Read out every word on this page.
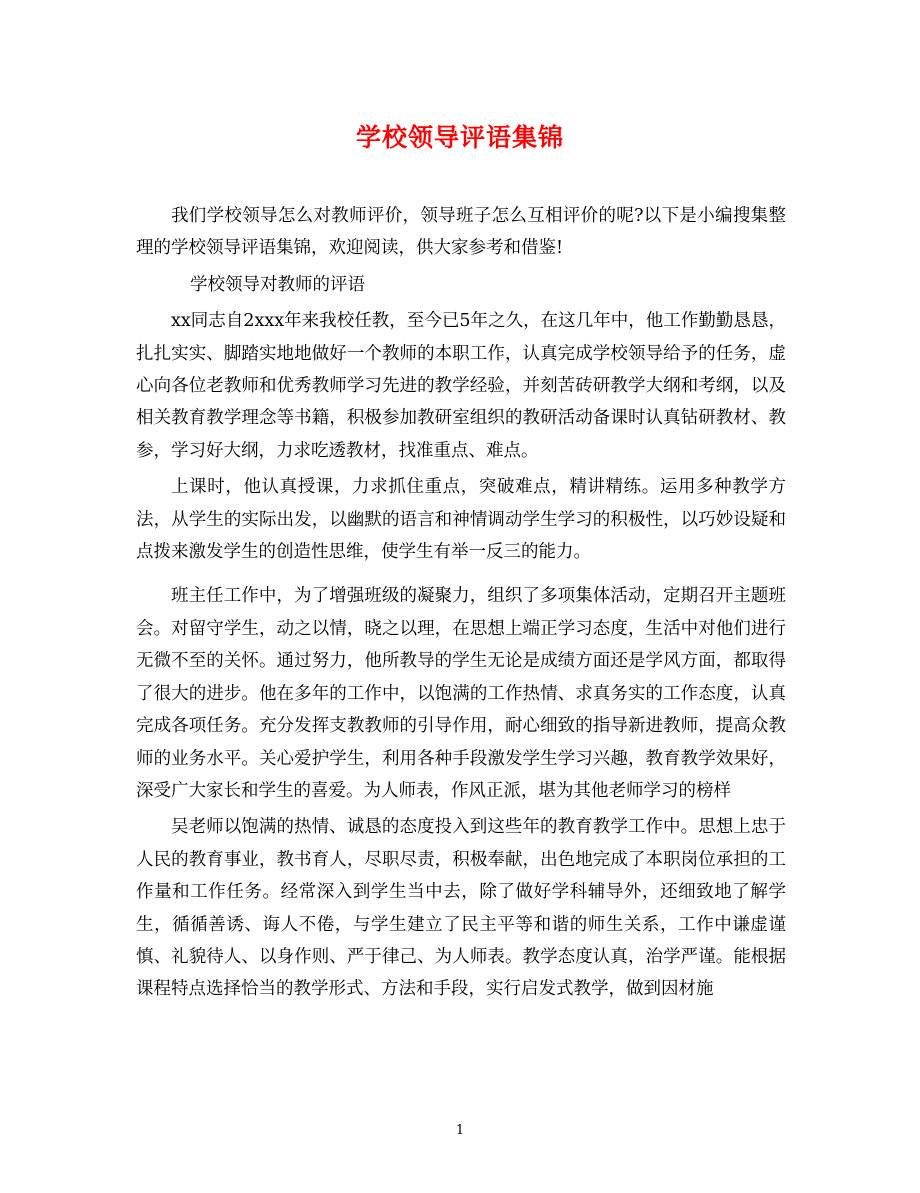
学校领导评语集锦

我们学校领导怎么对教师评价，领导班子怎么互相评价的呢?以下是小编搜集整理的学校领导评语集锦，欢迎阅读，供大家参考和借鉴!

学校领导对教师的评语

xx同志自2xxx年来我校任教，至今已5年之久，在这几年中，他工作勤勤恳恳，扎扎实实、脚踏实地地做好一个教师的本职工作，认真完成学校领导给予的任务，虚心向各位老教师和优秀教师学习先进的教学经验，并刻苦砖研教学大纲和考纲，以及相关教育教学理念等书籍，积极参加教研室组织的教研活动备课时认真钻研教材、教参，学习好大纲，力求吃透教材，找准重点、难点。

上课时，他认真授课，力求抓住重点，突破难点，精讲精练。运用多种教学方法，从学生的实际出发，以幽默的语言和神情调动学生学习的积极性，以巧妙设疑和点拨来激发学生的创造性思维，使学生有举一反三的能力。

班主任工作中，为了增强班级的凝聚力，组织了多项集体活动，定期召开主题班会。对留守学生，动之以情，晓之以理，在思想上端正学习态度，生活中对他们进行无微不至的关怀。通过努力，他所教导的学生无论是成绩方面还是学风方面，都取得了很大的进步。他在多年的工作中，以饱满的工作热情、求真务实的工作态度，认真完成各项任务。充分发挥支教教师的引导作用，耐心细致的指导新进教师，提高众教师的业务水平。关心爱护学生，利用各种手段激发学生学习兴趣，教育教学效果好，深受广大家长和学生的喜爱。为人师表，作风正派，堪为其他老师学习的榜样

吴老师以饱满的热情、诚恳的态度投入到这些年的教育教学工作中。思想上忠于人民的教育事业，教书育人，尽职尽责，积极奉献，出色地完成了本职岗位承担的工作量和工作任务。经常深入到学生当中去，除了做好学科辅导外，还细致地了解学生，循循善诱、诲人不倦，与学生建立了民主平等和谐的师生关系，工作中谦虚谨慎、礼貌待人、以身作则、严于律己、为人师表。教学态度认真，治学严谨。能根据课程特点选择恰当的教学形式、方法和手段，实行启发式教学，做到因材施

1
